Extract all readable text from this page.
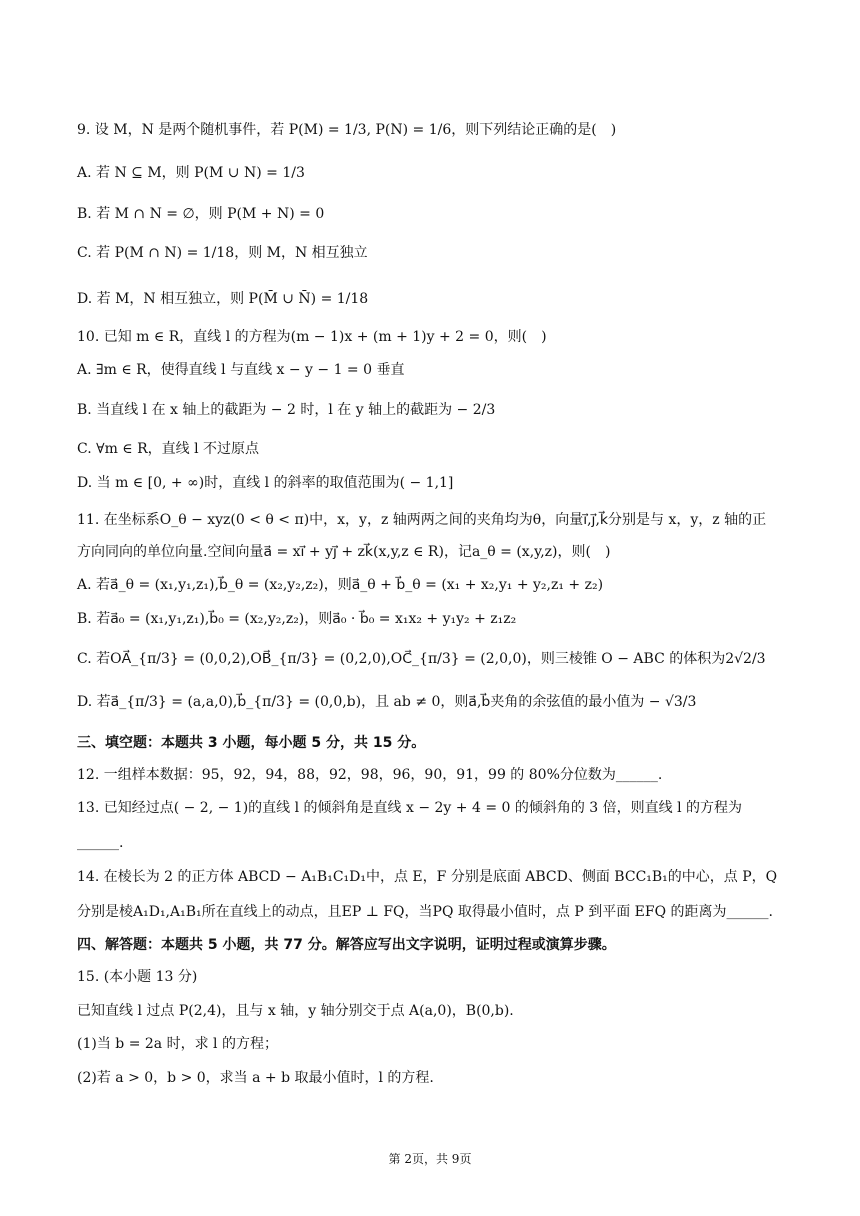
9. 设 M，N 是两个随机事件，若 P(M) = 1/3, P(N) = 1/6，则下列结论正确的是(　)
A. 若 N ⊆ M，则 P(M ∪ N) = 1/3
B. 若 M ∩ N = ∅，则 P(M + N) = 0
C. 若 P(M ∩ N) = 1/18，则 M，N 相互独立
D. 若 M，N 相互独立，则 P(M̄ ∪ N̄) = 1/18
10. 已知 m ∈ R，直线 l 的方程为(m − 1)x + (m + 1)y + 2 = 0，则(　)
A. ∃m ∈ R，使得直线 l 与直线 x − y − 1 = 0 垂直
B. 当直线 l 在 x 轴上的截距为 − 2 时，l 在 y 轴上的截距为 − 2/3
C. ∀m ∈ R，直线 l 不过原点
D. 当 m ∈ [0, + ∞)时，直线 l 的斜率的取值范围为( − 1,1]
11. 在坐标系O_θ − xyz(0 < θ < π)中，x，y，z 轴两两之间的夹角均为θ，向量i⃗,j⃗,k⃗分别是与 x，y，z 轴的正
方向同向的单位向量.空间向量a⃗ = xi⃗ + yj⃗ + zk⃗(x,y,z ∈ R)，记a_θ = (x,y,z)，则(　)
A. 若a⃗_θ = (x₁,y₁,z₁),b⃗_θ = (x₂,y₂,z₂)，则a⃗_θ + b⃗_θ = (x₁ + x₂,y₁ + y₂,z₁ + z₂)
B. 若a⃗₀ = (x₁,y₁,z₁),b⃗₀ = (x₂,y₂,z₂)，则a⃗₀ · b⃗₀ = x₁x₂ + y₁y₂ + z₁z₂
C. 若OA⃗_{π/3} = (0,0,2),OB⃗_{π/3} = (0,2,0),OC⃗_{π/3} = (2,0,0)，则三棱锥 O − ABC 的体积为2√2/3
D. 若a⃗_{π/3} = (a,a,0),b⃗_{π/3} = (0,0,b)，且 ab ≠ 0，则a⃗,b⃗夹角的余弦值的最小值为 − √3/3
三、填空题：本题共 3 小题，每小题 5 分，共 15 分。
12. 一组样本数据：95，92，94，88，92，98，96，90，91，99 的 80%分位数为______.
13. 已知经过点( − 2, − 1)的直线 l 的倾斜角是直线 x − 2y + 4 = 0 的倾斜角的 3 倍，则直线 l 的方程为
______.
14. 在棱长为 2 的正方体 ABCD − A₁B₁C₁D₁中，点 E，F 分别是底面 ABCD、侧面 BCC₁B₁的中心，点 P，Q
分别是棱A₁D₁,A₁B₁所在直线上的动点，且EP ⊥ FQ，当PQ 取得最小值时，点 P 到平面 EFQ 的距离为______.
四、解答题：本题共 5 小题，共 77 分。解答应写出文字说明，证明过程或演算步骤。
15. (本小题 13 分)
已知直线 l 过点 P(2,4)，且与 x 轴，y 轴分别交于点 A(a,0)，B(0,b).
(1)当 b = 2a 时，求 l 的方程；
(2)若 a > 0，b > 0，求当 a + b 取最小值时，l 的方程.
第 2页，共 9页
